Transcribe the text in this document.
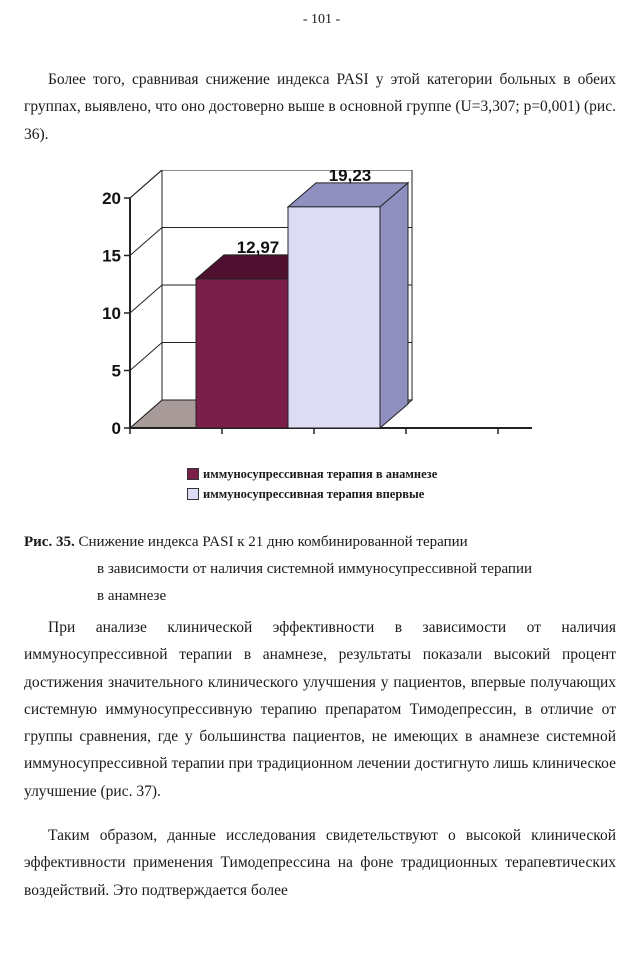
- 101 -

Более того, сравнивая снижение индекса PASI у этой категории больных в обеих группах, выявлено, что оно достоверно выше в основной группе (U=3,307; p=0,001) (рис. 36).

0
5
10
15
20
12,97
19,23
иммуносупрессивная терапия в анамнезе
иммуносупрессивная терапия впервые
Рис. 35. Снижение индекса PASI к 21 дню комбинированной терапии
в зависимости от наличия системной иммуносупрессивной терапии
в анамнезе

При анализе клинической эффективности в зависимости от наличия иммуносупрессивной терапии в анамнезе, результаты показали высокий процент достижения значительного клинического улучшения у пациентов, впервые получающих системную иммуносупрессивную терапию препаратом Тимодепрессин, в отличие от группы сравнения, где у большинства пациентов, не имеющих в анамнезе системной иммуносупрессивной терапии при традиционном лечении достигнуто лишь клиническое улучшение (рис. 37).

Таким образом, данные исследования свидетельствуют о высокой клинической эффективности применения Тимодепрессина на фоне традиционных терапевтических воздействий. Это подтверждается более
